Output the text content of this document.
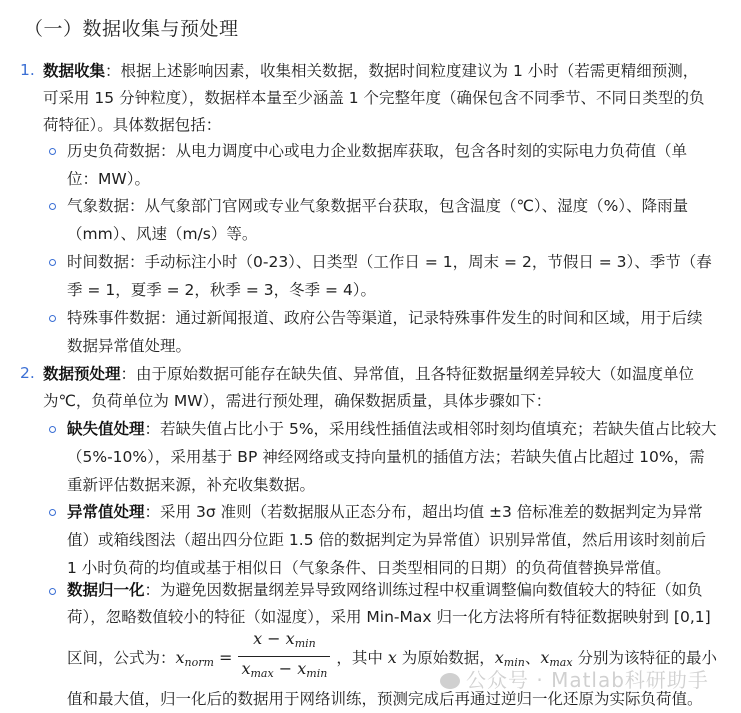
（一）数据收集与预处理
1. 数据收集：根据上述影响因素，收集相关数据，数据时间粒度建议为 1 小时（若需更精细预测，可采用 15 分钟粒度），数据样本量至少涵盖 1 个完整年度（确保包含不同季节、不同日类型的负荷特征）。具体数据包括：

历史负荷数据：从电力调度中心或电力企业数据库获取，包含各时刻的实际电力负荷值（单位：MW）。

气象数据：从气象部门官网或专业气象数据平台获取，包含温度（℃）、湿度（%）、降雨量（mm）、风速（m/s）等。

时间数据：手动标注小时（0-23）、日类型（工作日 = 1，周末 = 2，节假日 = 3）、季节（春季 = 1，夏季 = 2，秋季 = 3，冬季 = 4）。

特殊事件数据：通过新闻报道、政府公告等渠道，记录特殊事件发生的时间和区域，用于后续数据异常值处理。

2. 数据预处理：由于原始数据可能存在缺失值、异常值，且各特征数据量纲差异较大（如温度单位为℃，负荷单位为 MW），需进行预处理，确保数据质量，具体步骤如下：

缺失值处理：若缺失值占比小于 5%，采用线性插值法或相邻时刻均值填充；若缺失值占比较大（5%-10%），采用基于 BP 神经网络或支持向量机的插值方法；若缺失值占比超过 10%，需重新评估数据来源，补充收集数据。

异常值处理：采用 3σ 准则（若数据服从正态分布，超出均值 ±3 倍标准差的数据判定为异常值）或箱线图法（超出四分位距 1.5 倍的数据判定为异常值）识别异常值，然后用该时刻前后 1 小时负荷的均值或基于相似日（气象条件、日类型相同的日期）的负荷值替换异常值。

数据归一化：为避免因数据量纲差异导致网络训练过程中权重调整偏向数值较大的特征（如负荷），忽略数值较小的特征（如湿度），采用 Min-Max 归一化方法将所有特征数据映射到 [0,1] 区间，公式为：$x_{norm} = \frac{x - x_{min}}{x_{max} - x_{min}}$ ，其中 x 为原始数据，$x_{min}$、$x_{max}$ 分别为该特征的最小值和最大值，归一化后的数据用于网络训练，预测完成后再通过逆归一化还原为实际负荷值。

公众号 · Matlab科研助手
